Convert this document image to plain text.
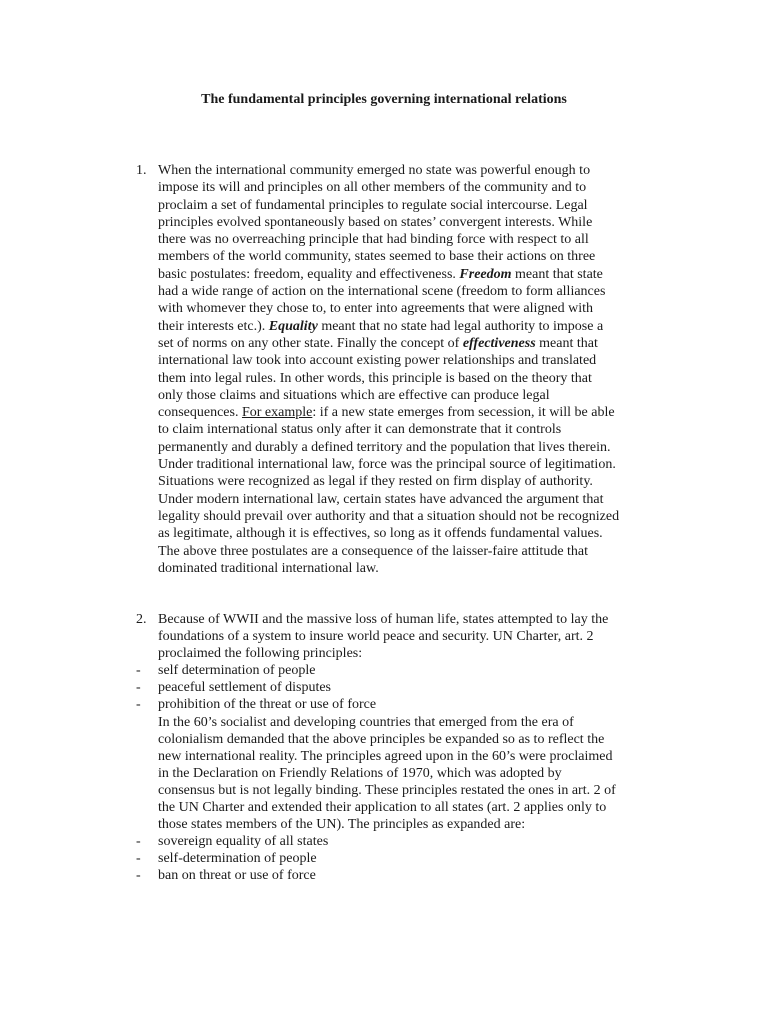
The fundamental principles governing international relations
1. When the international community emerged no state was powerful enough to
impose its will and principles on all other members of the community and to
proclaim a set of fundamental principles to regulate social intercourse. Legal
principles evolved spontaneously based on states’ convergent interests. While
there was no overreaching principle that had binding force with respect to all
members of the world community, states seemed to base their actions on three
basic postulates: freedom, equality and effectiveness. Freedom meant that state
had a wide range of action on the international scene (freedom to form alliances
with whomever they chose to, to enter into agreements that were aligned with
their interests etc.). Equality meant that no state had legal authority to impose a
set of norms on any other state. Finally the concept of effectiveness meant that
international law took into account existing power relationships and translated
them into legal rules. In other words, this principle is based on the theory that
only those claims and situations which are effective can produce legal
consequences. For example: if a new state emerges from secession, it will be able
to claim international status only after it can demonstrate that it controls
permanently and durably a defined territory and the population that lives therein.
Under traditional international law, force was the principal source of legitimation.
Situations were recognized as legal if they rested on firm display of authority.
Under modern international law, certain states have advanced the argument that
legality should prevail over authority and that a situation should not be recognized
as legitimate, although it is effectives, so long as it offends fundamental values.
The above three postulates are a consequence of the laisser-faire attitude that
dominated traditional international law.
2. Because of WWII and the massive loss of human life, states attempted to lay the
foundations of a system to insure world peace and security. UN Charter, art. 2
proclaimed the following principles:
- self determination of people
- peaceful settlement of disputes
- prohibition of the threat or use of force
In the 60’s socialist and developing countries that emerged from the era of
colonialism demanded that the above principles be expanded so as to reflect the
new international reality. The principles agreed upon in the 60’s were proclaimed
in the Declaration on Friendly Relations of 1970, which was adopted by
consensus but is not legally binding. These principles restated the ones in art. 2 of
the UN Charter and extended their application to all states (art. 2 applies only to
those states members of the UN). The principles as expanded are:
- sovereign equality of all states
- self-determination of people
- ban on threat or use of force
